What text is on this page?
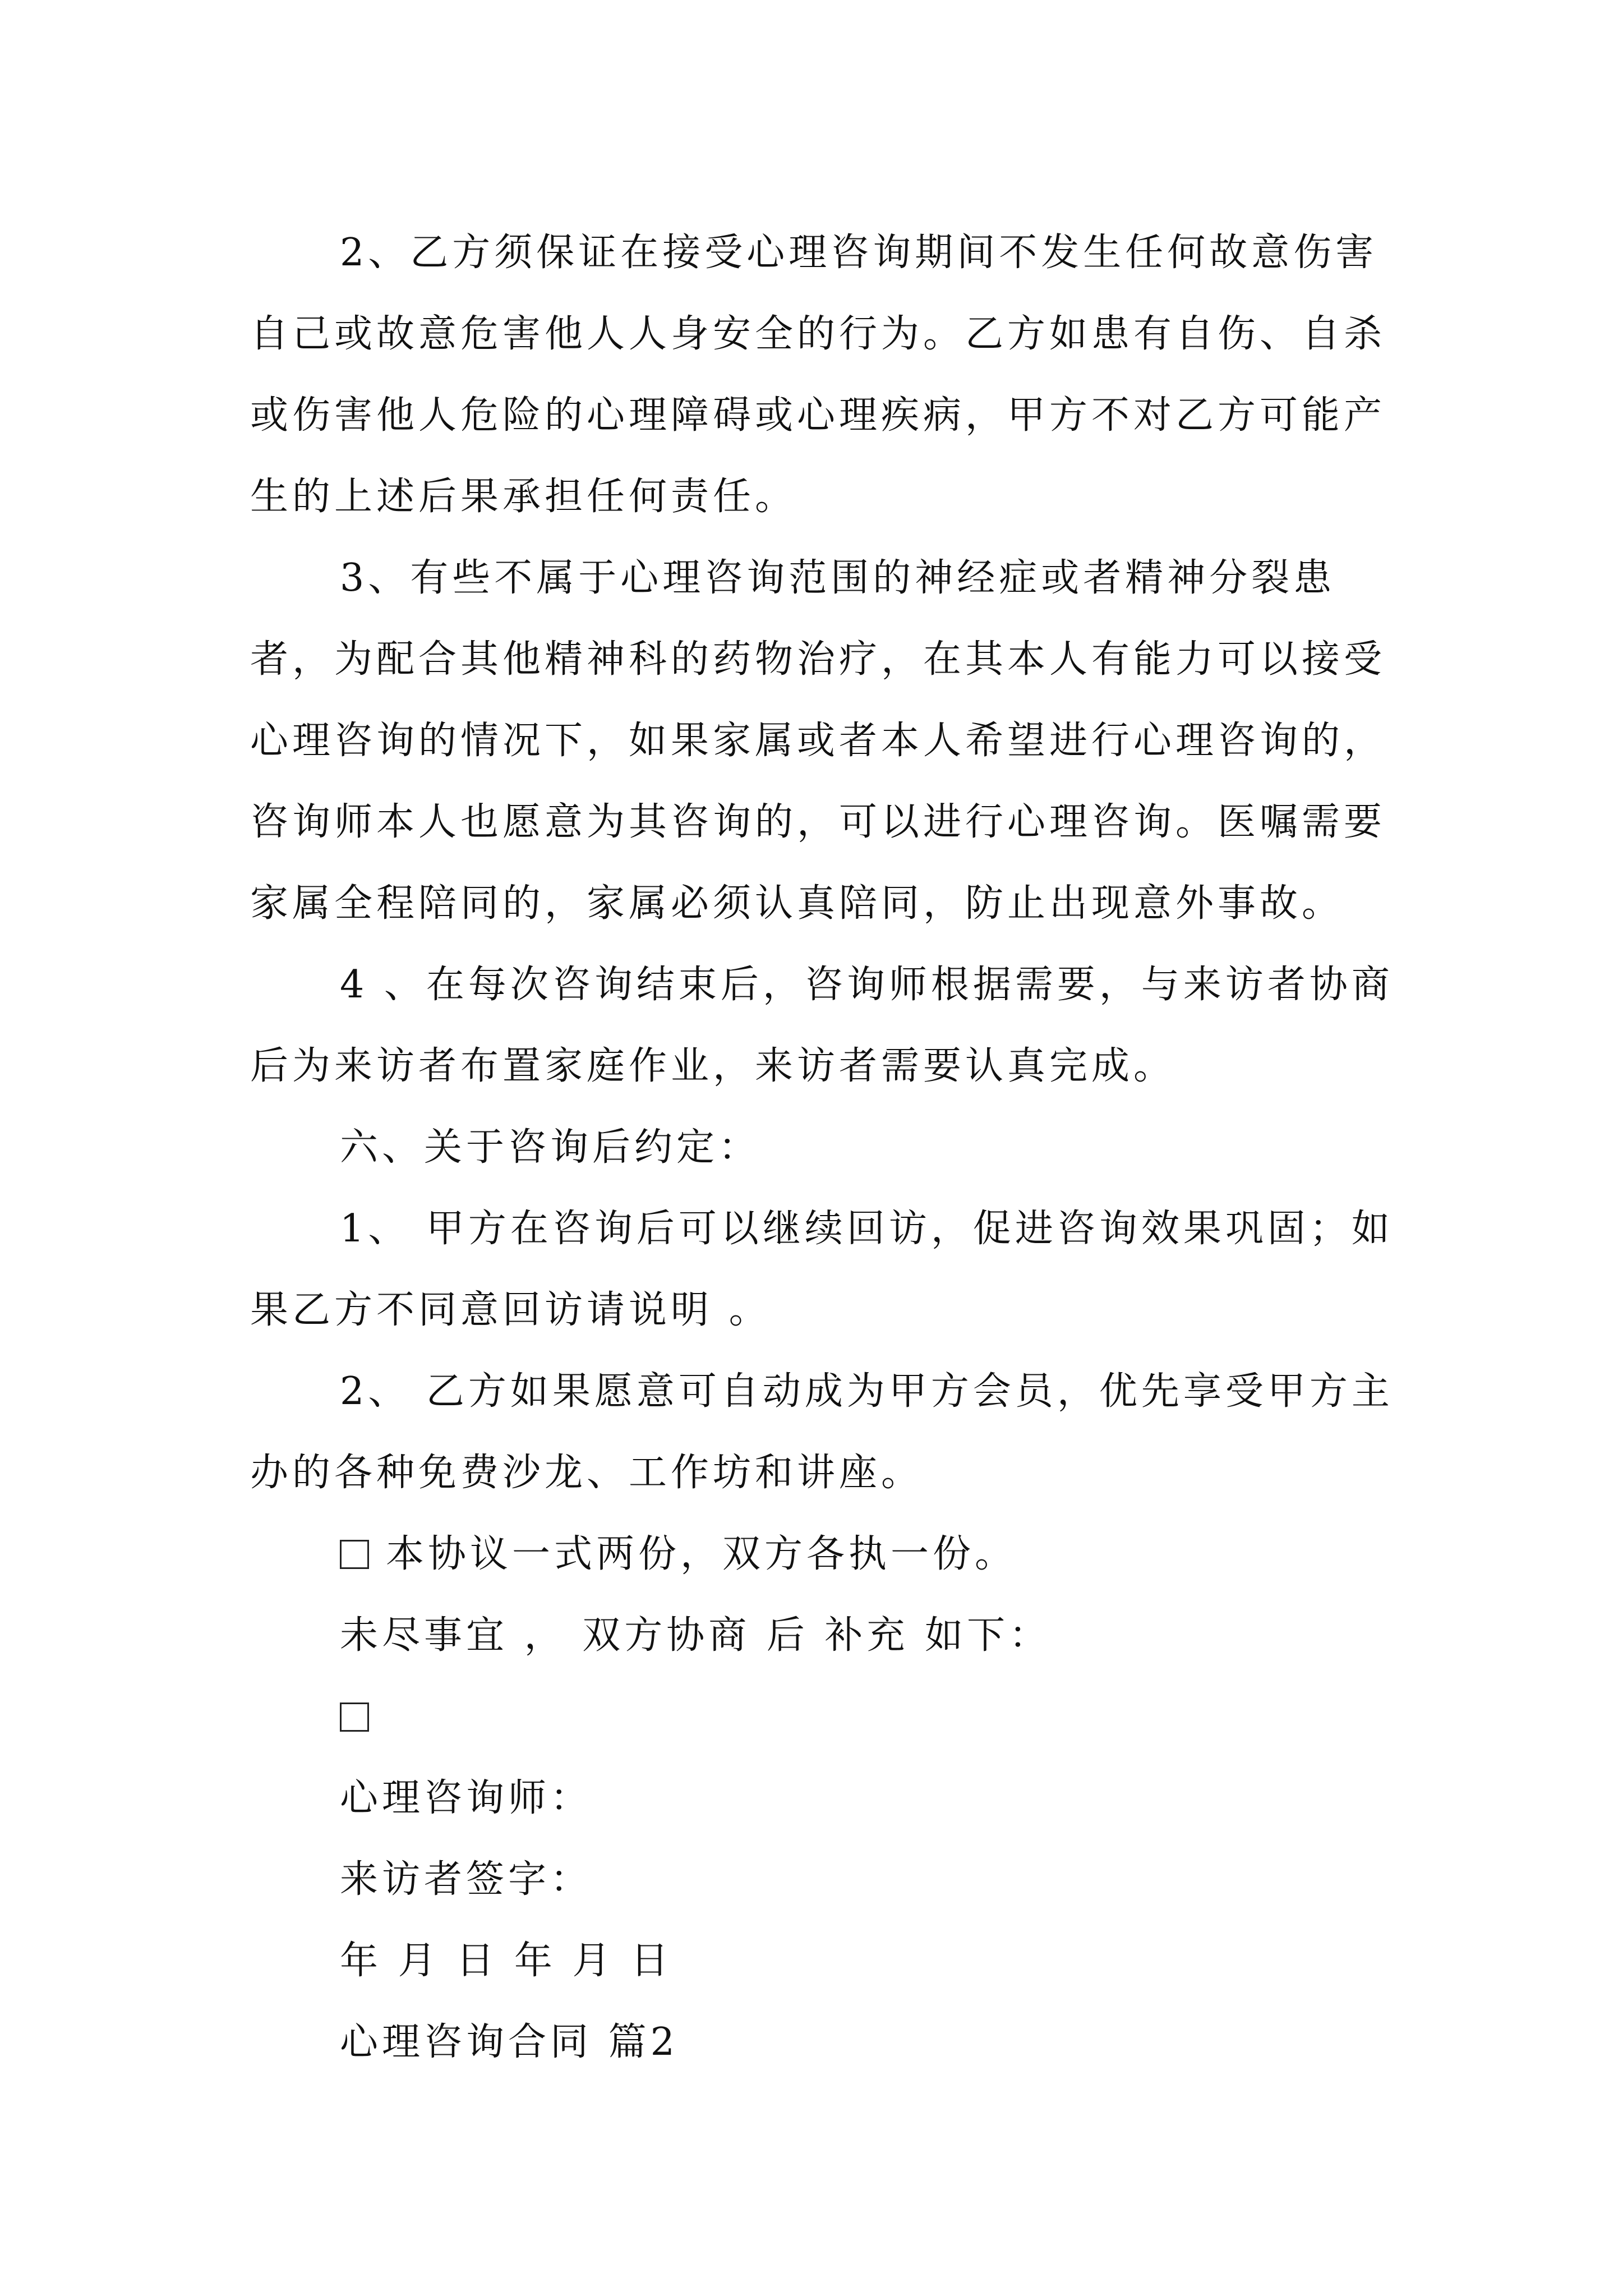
2、乙方须保证在接受心理咨询期间不发生任何故意伤害自己或故意危害他人人身安全的行为。乙方如患有自伤、自杀或伤害他人危险的心理障碍或心理疾病，甲方不对乙方可能产生的上述后果承担任何责任。

3、有些不属于心理咨询范围的神经症或者精神分裂患者，为配合其他精神科的药物治疗，在其本人有能力可以接受心理咨询的情况下，如果家属或者本人希望进行心理咨询的，咨询师本人也愿意为其咨询的，可以进行心理咨询。医嘱需要家属全程陪同的，家属必须认真陪同，防止出现意外事故。

4 、在每次咨询结束后，咨询师根据需要，与来访者协商后为来访者布置家庭作业，来访者需要认真完成。

六、关于咨询后约定：

1、 甲方在咨询后可以继续回访，促进咨询效果巩固；如果乙方不同意回访请说明 。

2、 乙方如果愿意可自动成为甲方会员，优先享受甲方主办的各种免费沙龙、工作坊和讲座。

本协议一式两份，双方各执一份。
未尽事宜 ， 双方协商 后 补充 如下：
心理咨询师：
来访者签字：
年 月 日 年 月 日
心理咨询合同 篇2
